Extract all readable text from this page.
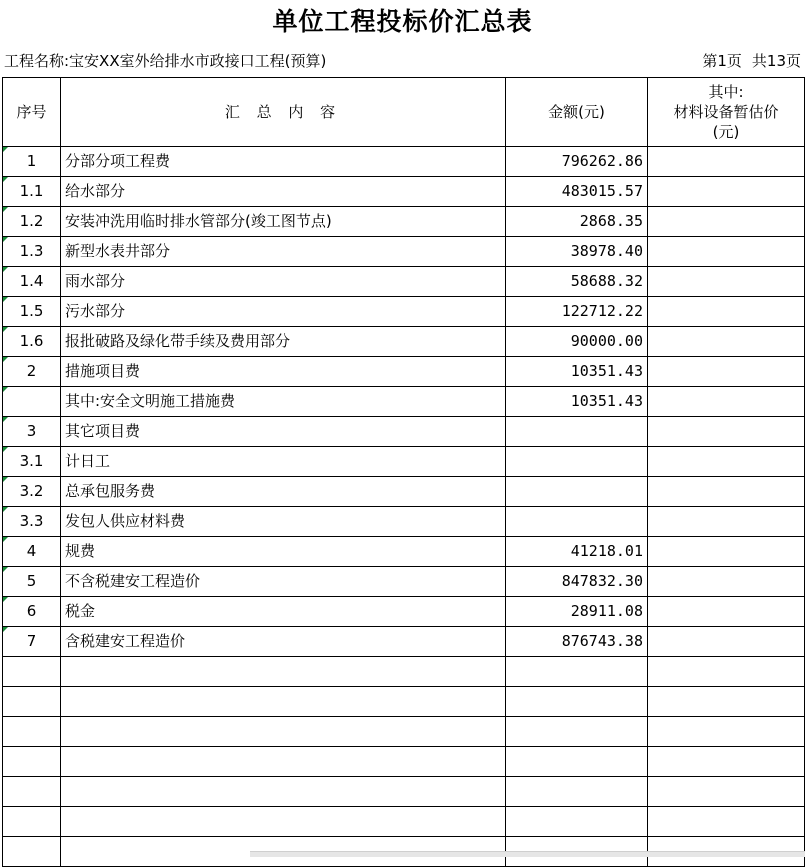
单位工程投标价汇总表
工程名称:宝安XX室外给排水市政接口工程(预算)	第1页 共13页
序号	汇 总 内 容	金额(元)	其中:
材料设备暂估价
(元)

1	分部分项工程费	796262.86	

1.1	给水部分	483015.57	

1.2	安装冲洗用临时排水管部分(竣工图节点)	2868.35	

1.3	新型水表井部分	38978.40	

1.4	雨水部分	58688.32	

1.5	污水部分	122712.22	

1.6	报批破路及绿化带手续及费用部分	90000.00	

2	措施项目费	10351.43	

	其中:安全文明施工措施费	10351.43	

3	其它项目费		

3.1	计日工		

3.2	总承包服务费		

3.3	发包人供应材料费		

4	规费	41218.01	

5	不含税建安工程造价	847832.30	

6	税金	28911.08	

7	含税建安工程造价	876743.38	
